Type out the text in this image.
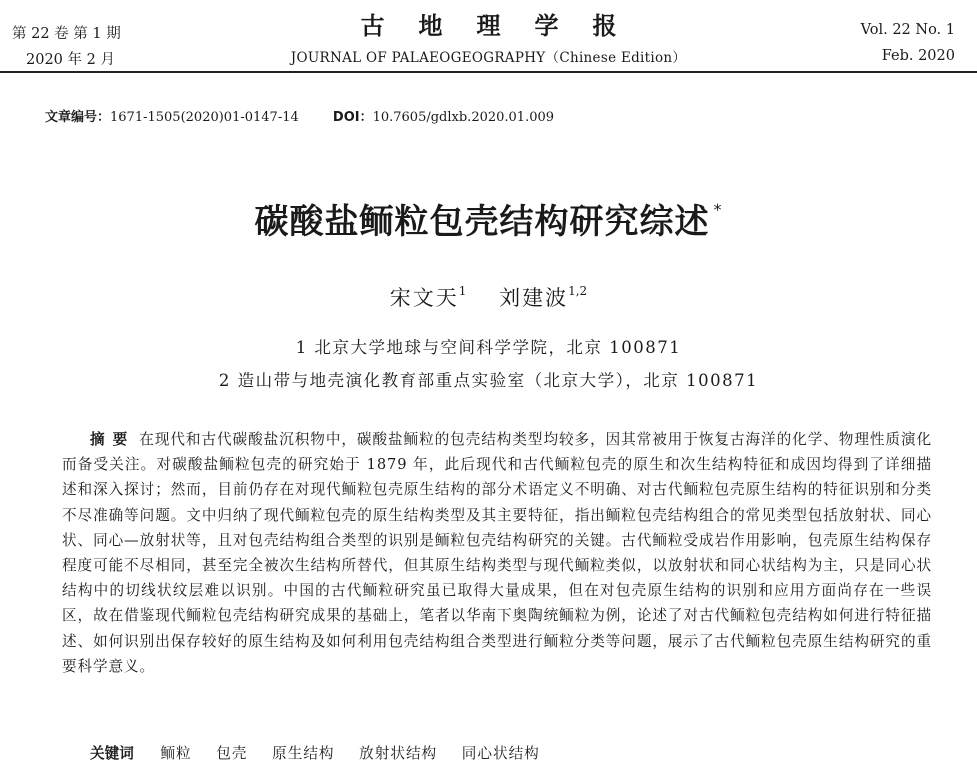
第 22 卷 第 1 期
2020 年 2 月
古地理学报
JOURNAL OF PALAEOGEOGRAPHY（Chinese Edition）
Vol. 22 No. 1
Feb. 2020
文章编号：1671-1505(2020)01-0147-14	DOI：10.7605/gdlxb.2020.01.009
碳酸盐鲕粒包壳结构研究综述 *
宋文天$^1$ 刘建波$^{1,2}$
1 北京大学地球与空间科学学院，北京 100871
2 造山带与地壳演化教育部重点实验室（北京大学），北京 100871

摘要 在现代和古代碳酸盐沉积物中，碳酸盐鲕粒的包壳结构类型均较多，因其常被用于恢复古海洋的化学、物理性质演化而备受关注。对碳酸盐鲕粒包壳的研究始于 1879 年，此后现代和古代鲕粒包壳的原生和次生结构特征和成因均得到了详细描述和深入探讨；然而，目前仍存在对现代鲕粒包壳原生结构的部分术语定义不明确、对古代鲕粒包壳原生结构的特征识别和分类不尽准确等问题。文中归纳了现代鲕粒包壳的原生结构类型及其主要特征，指出鲕粒包壳结构组合的常见类型包括放射状、同心状、同心—放射状等，且对包壳结构组合类型的识别是鲕粒包壳结构研究的关键。古代鲕粒受成岩作用影响，包壳原生结构保存程度可能不尽相同，甚至完全被次生结构所替代，但其原生结构类型与现代鲕粒类似，以放射状和同心状结构为主，只是同心状结构中的切线状纹层难以识别。中国的古代鲕粒研究虽已取得大量成果，但在对包壳原生结构的识别和应用方面尚存在一些误区，故在借鉴现代鲕粒包壳结构研究成果的基础上，笔者以华南下奥陶统鲕粒为例，论述了对古代鲕粒包壳结构如何进行特征描述、如何识别出保存较好的原生结构及如何利用包壳结构组合类型进行鲕粒分类等问题，展示了古代鲕粒包壳原生结构研究的重要科学意义。

关键词 鲕粒 包壳 原生结构 放射状结构 同心状结构
